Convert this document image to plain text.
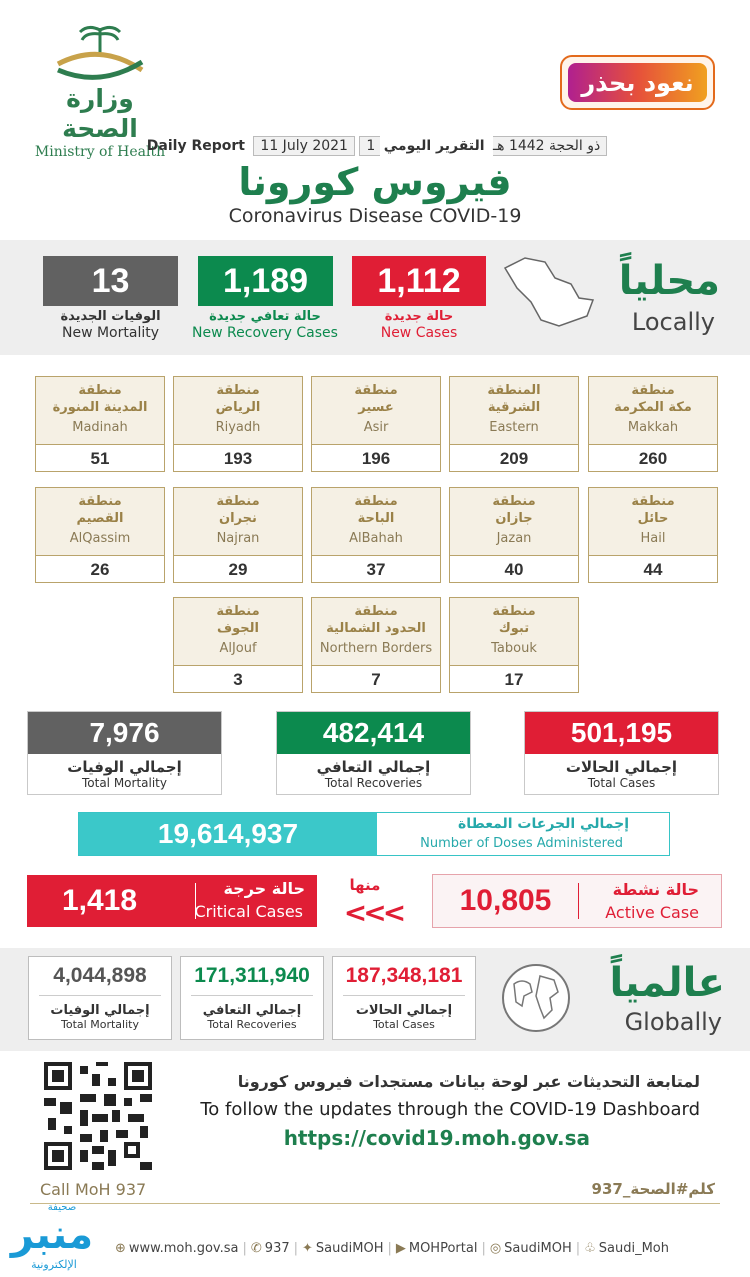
وزارة الصحة
Ministry of Health
نعود بحذر
Daily Report 11 July 2021 1 ذو الحجة 1442 هـ التقرير اليومي
فيروس كورونا
Coronavirus Disease COVID-19
13
الوفيات الجديدة
New Mortality
1,189
حالة تعافي جديدة
New Recovery Cases
1,112
حالة جديدة
New Cases
محلياً
Locally
منطقة
مكة المكرمة
Makkah
260
المنطقة
الشرقية
Eastern
209
منطقة
عسير
Asir
196
منطقة
الرياض
Riyadh
193
منطقة
المدينة المنورة
Madinah
51
منطقة
حائل
Hail
44
منطقة
جازان
Jazan
40
منطقة
الباحة
AlBahah
37
منطقة
نجران
Najran
29
منطقة
القصيم
AlQassim
26
منطقة
تبوك
Tabouk
17
منطقة
الحدود الشمالية
Northern Borders
7
منطقة
الجوف
AlJouf
3
501,195
إجمالي الحالات
Total Cases
482,414
إجمالي التعافي
Total Recoveries
7,976
إجمالي الوفيات
Total Mortality
19,614,937	إجمالي الجرعات المعطاة
Number of Doses Administered
1,418	حالة حرجة
Critical Cases
منها
<<<	10,805	حالة نشطة
Active Case
187,348,181
إجمالي الحالات
Total Cases
171,311,940
إجمالي التعافي
Total Recoveries
4,044,898
إجمالي الوفيات
Total Mortality
عالمياً
Globally
لمتابعة التحديثات عبر لوحة بيانات مستجدات فيروس كورونا
To follow the updates through the COVID-19 Dashboard
https://covid19.moh.gov.sa
Call MoH 937	كلم#الصحة_937
صحيفة
منبر
الإلكترونية
⊕ www.moh.gov.sa | ✆ 937 | ✦ SaudiMOH | ▶ MOHPortal | ◎ SaudiMOH | ♧ Saudi_Moh
